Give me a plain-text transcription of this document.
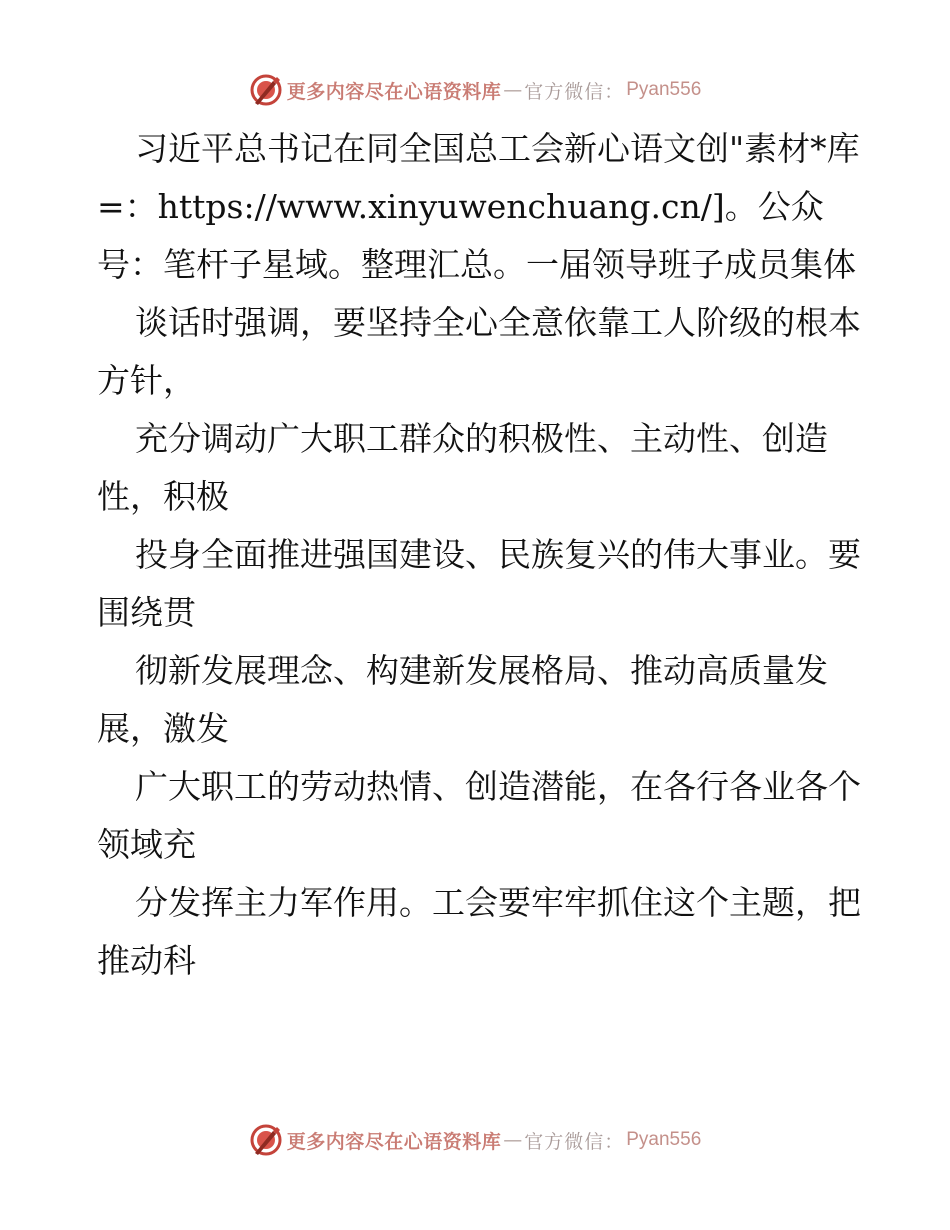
更多内容尽在心语资料库 — 官方微信： Pyan556

习近平总书记在同全国总工会新心语文创"素材*库=：https://www.xinyuwenchuang.cn/]。公众号：笔杆子星域。整理汇总。一届领导班子成员集体

谈话时强调，要坚持全心全意依靠工人阶级的根本方针，

充分调动广大职工群众的积极性、主动性、创造性，积极

投身全面推进强国建设、民族复兴的伟大事业。要围绕贯

彻新发展理念、构建新发展格局、推动高质量发展，激发

广大职工的劳动热情、创造潜能，在各行各业各个领域充

分发挥主力军作用。工会要牢牢抓住这个主题，把推动科

更多内容尽在心语资料库 — 官方微信： Pyan556
